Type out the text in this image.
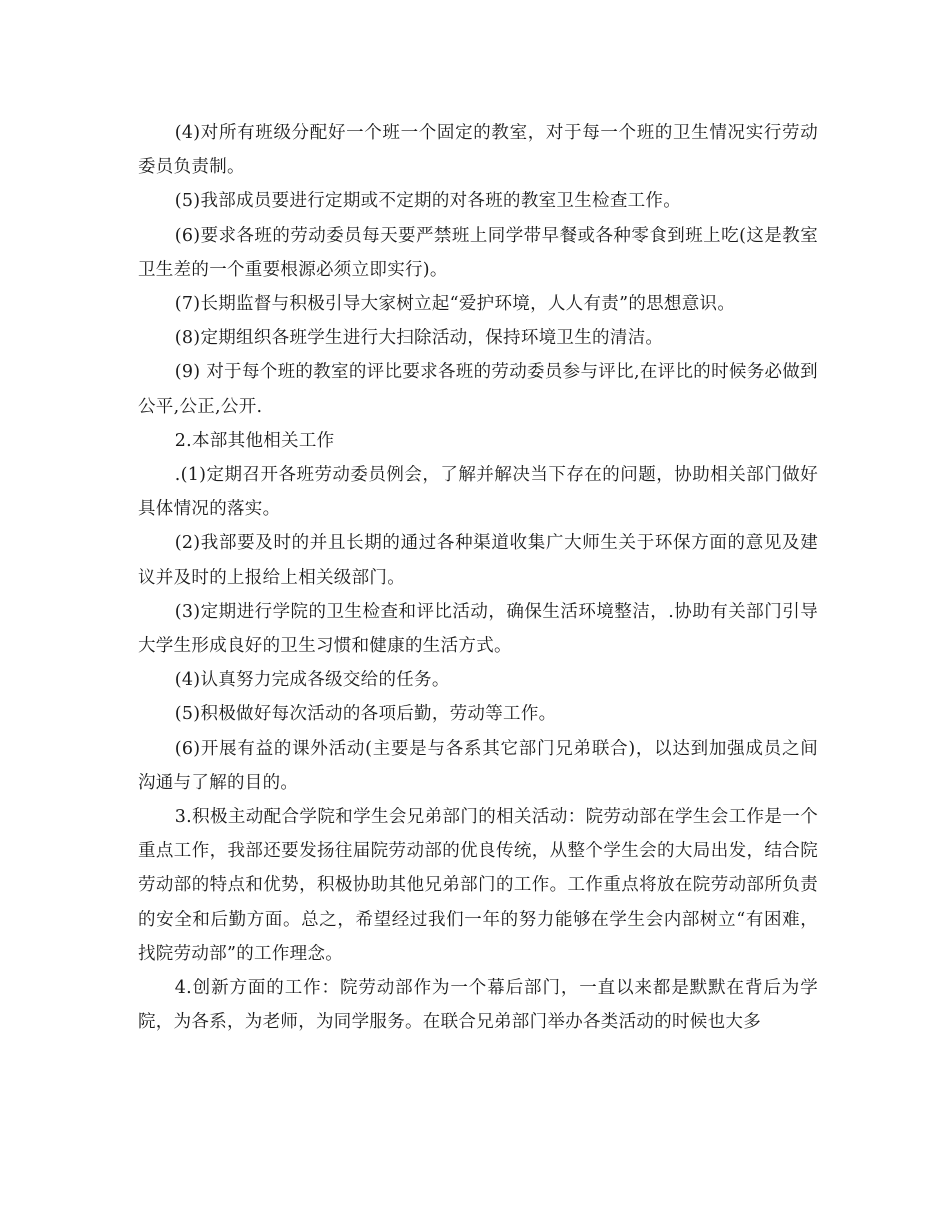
(4)对所有班级分配好一个班一个固定的教室，对于每一个班的卫生情况实行劳动委员负责制。

(5)我部成员要进行定期或不定期的对各班的教室卫生检查工作。

(6)要求各班的劳动委员每天要严禁班上同学带早餐或各种零食到班上吃(这是教室卫生差的一个重要根源必须立即实行)。

(7)长期监督与积极引导大家树立起“爱护环境，人人有责”的思想意识。

(8)定期组织各班学生进行大扫除活动，保持环境卫生的清洁。

(9) 对于每个班的教室的评比要求各班的劳动委员参与评比,在评比的时候务必做到公平,公正,公开.

2.本部其他相关工作

.(1)定期召开各班劳动委员例会，了解并解决当下存在的问题，协助相关部门做好具体情况的落实。

(2)我部要及时的并且长期的通过各种渠道收集广大师生关于环保方面的意见及建议并及时的上报给上相关级部门。

(3)定期进行学院的卫生检查和评比活动，确保生活环境整洁，.协助有关部门引导大学生形成良好的卫生习惯和健康的生活方式。

(4)认真努力完成各级交给的任务。

(5)积极做好每次活动的各项后勤，劳动等工作。

(6)开展有益的课外活动(主要是与各系其它部门兄弟联合)，以达到加强成员之间沟通与了解的目的。

3.积极主动配合学院和学生会兄弟部门的相关活动：院劳动部在学生会工作是一个重点工作，我部还要发扬往届院劳动部的优良传统，从整个学生会的大局出发，结合院劳动部的特点和优势，积极协助其他兄弟部门的工作。工作重点将放在院劳动部所负责的安全和后勤方面。总之，希望经过我们一年的努力能够在学生会内部树立“有困难，找院劳动部”的工作理念。

4.创新方面的工作：院劳动部作为一个幕后部门，一直以来都是默默在背后为学院，为各系，为老师，为同学服务。在联合兄弟部门举办各类活动的时候也大多
